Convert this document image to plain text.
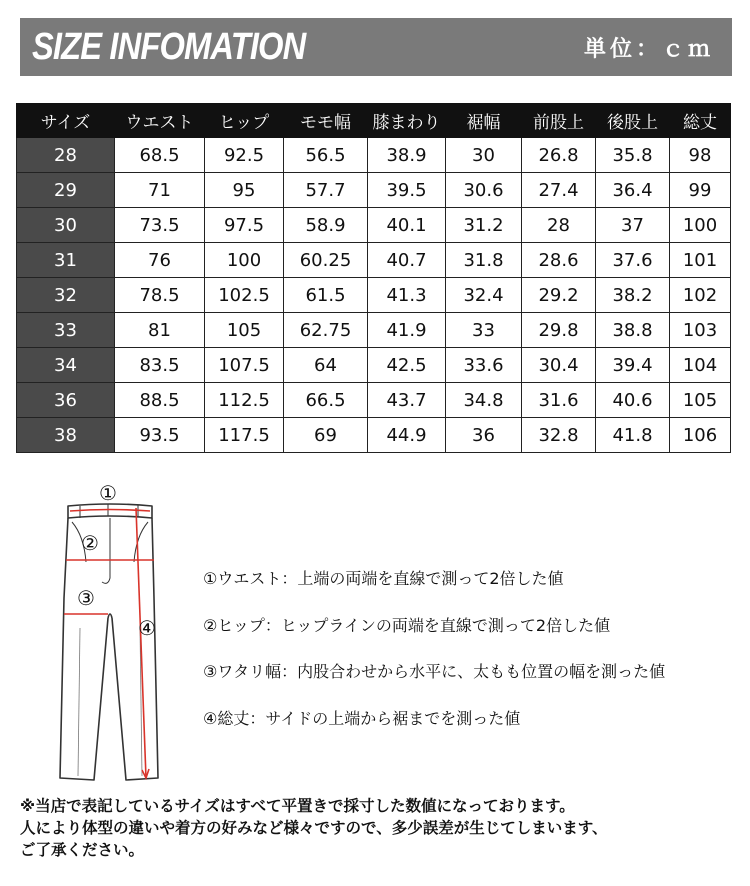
SIZE INFOMATION	単位：ｃｍ
サイズ	ウエスト	ヒップ	モモ幅	膝まわり	裾幅	前股上	後股上	総丈
28	68.5	92.5	56.5	38.9	30	26.8	35.8	98
29	71	95	57.7	39.5	30.6	27.4	36.4	99
30	73.5	97.5	58.9	40.1	31.2	28	37	100
31	76	100	60.25	40.7	31.8	28.6	37.6	101
32	78.5	102.5	61.5	41.3	32.4	29.2	38.2	102
33	81	105	62.75	41.9	33	29.8	38.8	103
34	83.5	107.5	64	42.5	33.6	30.4	39.4	104
36	88.5	112.5	66.5	43.7	34.8	31.6	40.6	105
38	93.5	117.5	69	44.9	36	32.8	41.8	106
①
②
③
④
①ウエスト：上端の両端を直線で測って2倍した値
②ヒップ：ヒップラインの両端を直線で測って2倍した値
③ワタリ幅：内股合わせから水平に、太もも位置の幅を測った値
④総丈：サイドの上端から裾までを測った値
※当店で表記しているサイズはすべて平置きで採寸した数値になっております。
人により体型の違いや着方の好みなど様々ですので、多少誤差が生じてしまいます、
ご了承ください。
